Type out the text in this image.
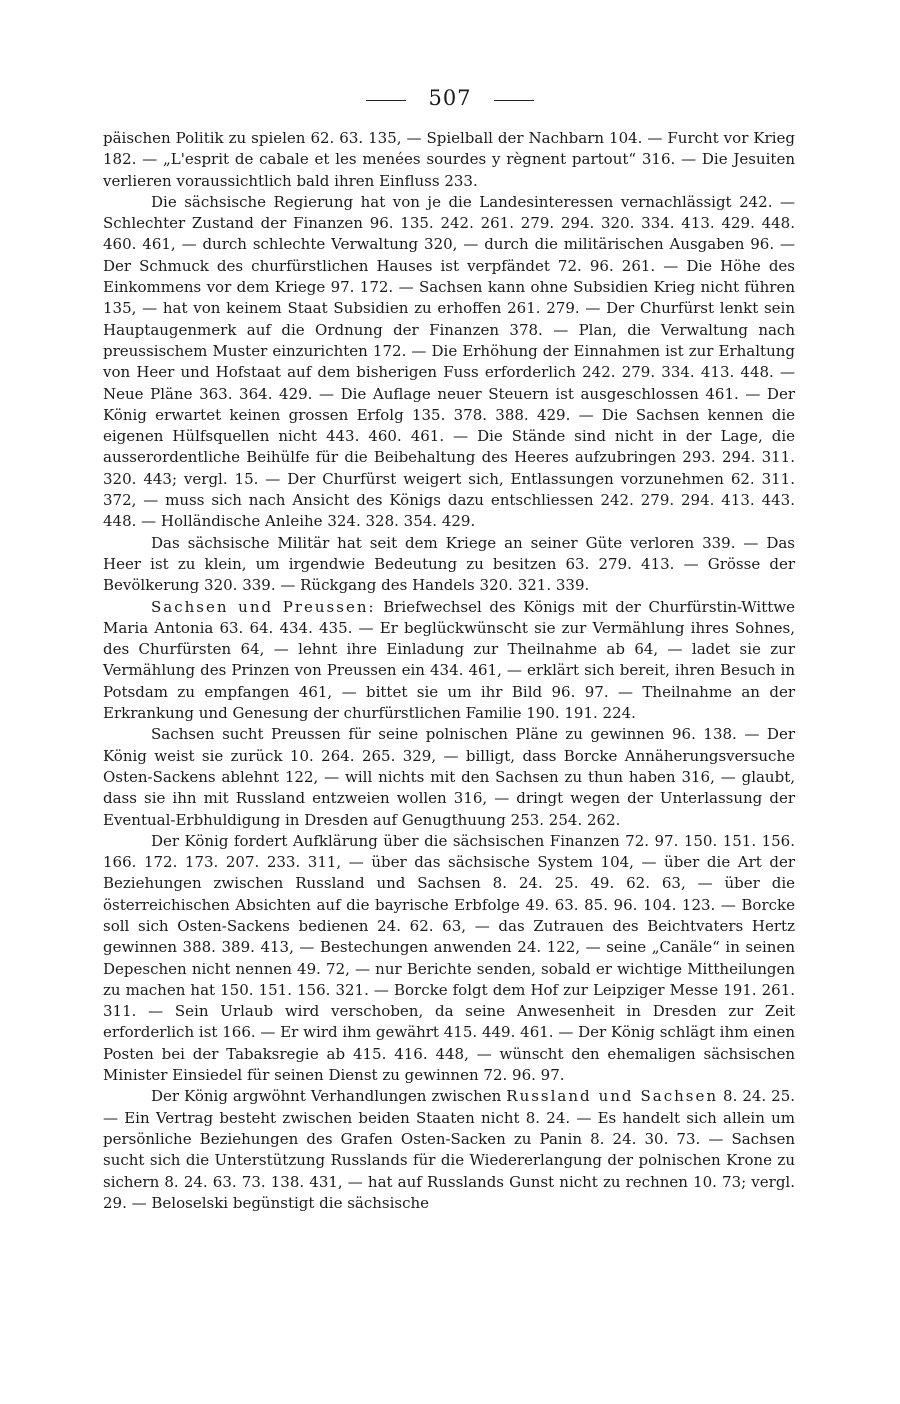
507

päischen Politik zu spielen 62. 63. 135, — Spielball der Nachbarn 104. — Furcht vor Krieg 182. — „L'esprit de cabale et les menées sourdes y règnent partout“ 316. — Die Jesuiten verlieren voraussichtlich bald ihren Einfluss 233.

Die sächsische Regierung hat von je die Landesinteressen vernachlässigt 242. — Schlechter Zustand der Finanzen 96. 135. 242. 261. 279. 294. 320. 334. 413. 429. 448. 460. 461, — durch schlechte Verwaltung 320, — durch die militärischen Ausgaben 96. — Der Schmuck des churfürstlichen Hauses ist verpfändet 72. 96. 261. — Die Höhe des Einkommens vor dem Kriege 97. 172. — Sachsen kann ohne Subsidien Krieg nicht führen 135, — hat von keinem Staat Subsidien zu erhoffen 261. 279. — Der Churfürst lenkt sein Hauptaugenmerk auf die Ordnung der Finanzen 378. — Plan, die Verwaltung nach preussischem Muster einzurichten 172. — Die Erhöhung der Einnahmen ist zur Erhaltung von Heer und Hofstaat auf dem bisherigen Fuss erforderlich 242. 279. 334. 413. 448. — Neue Pläne 363. 364. 429. — Die Auflage neuer Steuern ist ausgeschlossen 461. — Der König erwartet keinen grossen Erfolg 135. 378. 388. 429. — Die Sachsen kennen die eigenen Hülfsquellen nicht 443. 460. 461. — Die Stände sind nicht in der Lage, die ausserordentliche Beihülfe für die Beibehaltung des Heeres aufzubringen 293. 294. 311. 320. 443; vergl. 15. — Der Churfürst weigert sich, Entlassungen vorzunehmen 62. 311. 372, — muss sich nach Ansicht des Königs dazu entschliessen 242. 279. 294. 413. 443. 448. — Holländische Anleihe 324. 328. 354. 429.

Das sächsische Militär hat seit dem Kriege an seiner Güte verloren 339. — Das Heer ist zu klein, um irgendwie Bedeutung zu besitzen 63. 279. 413. — Grösse der Bevölkerung 320. 339. — Rückgang des Handels 320. 321. 339.

Sachsen und Preussen: Briefwechsel des Königs mit der Churfürstin-Wittwe Maria Antonia 63. 64. 434. 435. — Er beglückwünscht sie zur Vermählung ihres Sohnes, des Churfürsten 64, — lehnt ihre Einladung zur Theilnahme ab 64, — ladet sie zur Vermählung des Prinzen von Preussen ein 434. 461, — erklärt sich bereit, ihren Besuch in Potsdam zu empfangen 461, — bittet sie um ihr Bild 96. 97. — Theilnahme an der Erkrankung und Genesung der churfürstlichen Familie 190. 191. 224.

Sachsen sucht Preussen für seine polnischen Pläne zu gewinnen 96. 138. — Der König weist sie zurück 10. 264. 265. 329, — billigt, dass Borcke Annäherungsversuche Osten-Sackens ablehnt 122, — will nichts mit den Sachsen zu thun haben 316, — glaubt, dass sie ihn mit Russland entzweien wollen 316, — dringt wegen der Unterlassung der Eventual-Erbhuldigung in Dresden auf Genugthuung 253. 254. 262.

Der König fordert Aufklärung über die sächsischen Finanzen 72. 97. 150. 151. 156. 166. 172. 173. 207. 233. 311, — über das sächsische System 104, — über die Art der Beziehungen zwischen Russland und Sachsen 8. 24. 25. 49. 62. 63, — über die österreichischen Absichten auf die bayrische Erbfolge 49. 63. 85. 96. 104. 123. — Borcke soll sich Osten-Sackens bedienen 24. 62. 63, — das Zutrauen des Beichtvaters Hertz gewinnen 388. 389. 413, — Bestechungen anwenden 24. 122, — seine „Canäle“ in seinen Depeschen nicht nennen 49. 72, — nur Berichte senden, sobald er wichtige Mittheilungen zu machen hat 150. 151. 156. 321. — Borcke folgt dem Hof zur Leipziger Messe 191. 261. 311. — Sein Urlaub wird verschoben, da seine Anwesenheit in Dresden zur Zeit erforderlich ist 166. — Er wird ihm gewährt 415. 449. 461. — Der König schlägt ihm einen Posten bei der Tabaksregie ab 415. 416. 448, — wünscht den ehemaligen sächsischen Minister Einsiedel für seinen Dienst zu gewinnen 72. 96. 97.

Der König argwöhnt Verhandlungen zwischen Russland und Sachsen 8. 24. 25. — Ein Vertrag besteht zwischen beiden Staaten nicht 8. 24. — Es handelt sich allein um persönliche Beziehungen des Grafen Osten-Sacken zu Panin 8. 24. 30. 73. — Sachsen sucht sich die Unterstützung Russlands für die Wiedererlangung der polnischen Krone zu sichern 8. 24. 63. 73. 138. 431, — hat auf Russlands Gunst nicht zu rechnen 10. 73; vergl. 29. — Beloselski begünstigt die sächsische
